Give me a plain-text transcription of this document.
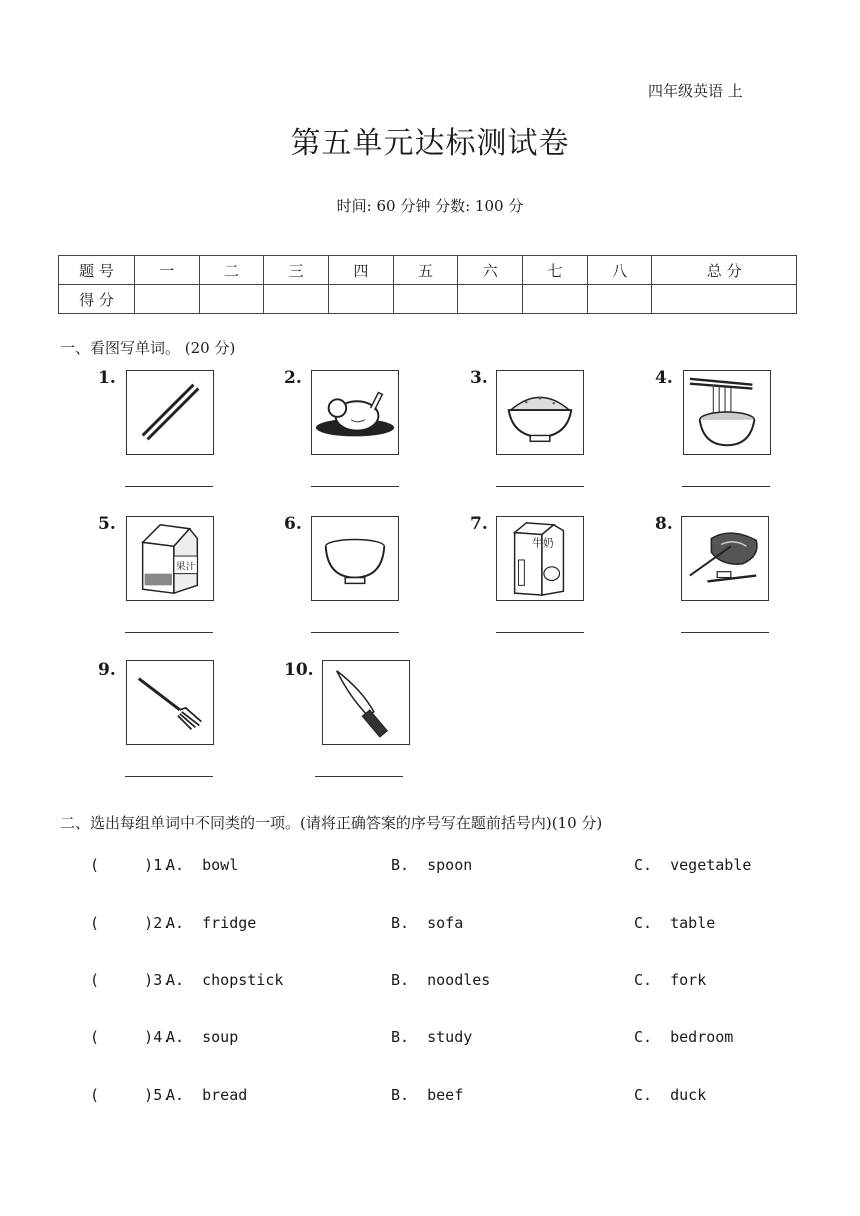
四年级英语 上
第五单元达标测试卷
时间: 60 分钟 分数: 100 分
题 号	一	二	三	四	五	六	七	八	总 分
得 分									
一、看图写单词。 (20 分)
1.	2.	3.	4.
5.
果汁
6.	7.
牛奶
8.
9.	10.
二、选出每组单词中不同类的一项。(请将正确答案的序号写在题前括号内)(10 分)
(     )1.
A.  bowl	B.  spoon	C.  vegetable
(     )2.
A.  fridge	B.  sofa	C.  table
(     )3.
A.  chopstick	B.  noodles	C.  fork
(     )4.
A.  soup	B.  study	C.  bedroom
(     )5.
A.  bread	B.  beef	C.  duck
